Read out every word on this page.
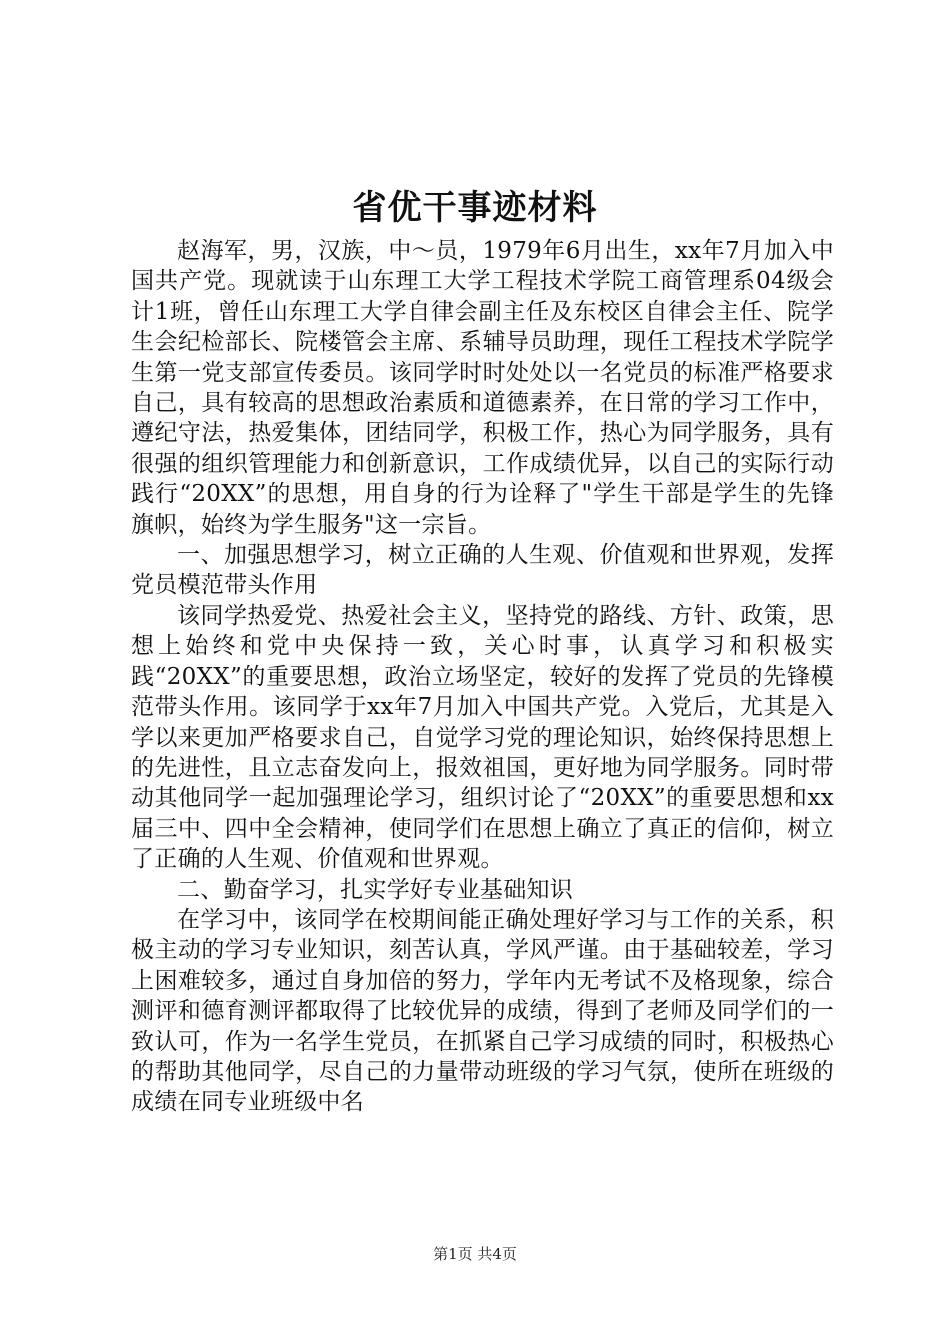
省优干事迹材料

赵海军，男，汉族，中～员，1979年6月出生，xx年7月加入中国共产党。现就读于山东理工大学工程技术学院工商管理系04级会计1班，曾任山东理工大学自律会副主任及东校区自律会主任、院学生会纪检部长、院楼管会主席、系辅导员助理，现任工程技术学院学生第一党支部宣传委员。该同学时时处处以一名党员的标准严格要求自己，具有较高的思想政治素质和道德素养，在日常的学习工作中，遵纪守法，热爱集体，团结同学，积极工作，热心为同学服务，具有很强的组织管理能力和创新意识，工作成绩优异，以自己的实际行动践行“20XX”的思想，用自身的行为诠释了"学生干部是学生的先锋旗帜，始终为学生服务"这一宗旨。

一、加强思想学习，树立正确的人生观、价值观和世界观，发挥党员模范带头作用

该同学热爱党、热爱社会主义，坚持党的路线、方针、政策，思想上始终和党中央保持一致，关心时事，认真学习和积极实践“20XX”的重要思想，政治立场坚定，较好的发挥了党员的先锋模范带头作用。该同学于xx年7月加入中国共产党。入党后，尤其是入学以来更加严格要求自己，自觉学习党的理论知识，始终保持思想上的先进性，且立志奋发向上，报效祖国，更好地为同学服务。同时带动其他同学一起加强理论学习，组织讨论了“20XX”的重要思想和xx届三中、四中全会精神，使同学们在思想上确立了真正的信仰，树立了正确的人生观、价值观和世界观。

二、勤奋学习，扎实学好专业基础知识

在学习中，该同学在校期间能正确处理好学习与工作的关系，积极主动的学习专业知识，刻苦认真，学风严谨。由于基础较差，学习上困难较多，通过自身加倍的努力，学年内无考试不及格现象，综合测评和德育测评都取得了比较优异的成绩，得到了老师及同学们的一致认可，作为一名学生党员，在抓紧自己学习成绩的同时，积极热心的帮助其他同学，尽自己的力量带动班级的学习气氛，使所在班级的成绩在同专业班级中名

第1页 共4页
